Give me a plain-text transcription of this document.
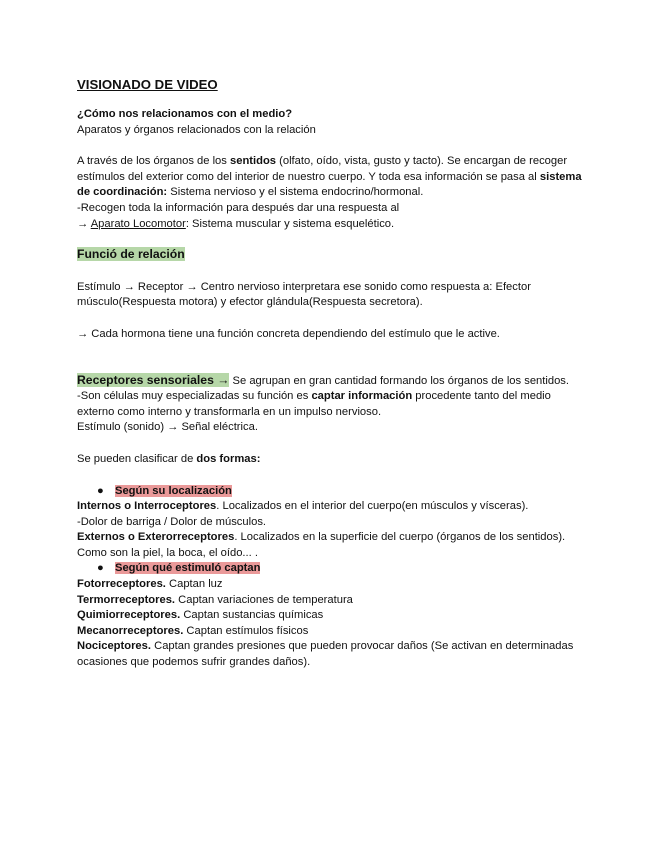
VISIONADO DE VIDEO

¿Cómo nos relacionamos con el medio?

Aparatos y órganos relacionados con la relación

A través de los órganos de los sentidos (olfato, oído, vista, gusto y tacto). Se encargan de recoger estímulos del exterior como del interior de nuestro cuerpo. Y toda esa información se pasa al sistema de coordinación: Sistema nervioso y el sistema endocrino/hormonal.

-Recogen toda la información para después dar una respuesta al

→ Aparato Locomotor: Sistema muscular y sistema esquelético.

Funció de relación

Estímulo → Receptor → Centro nervioso interpretara ese sonido como respuesta a: Efector músculo(Respuesta motora) y efector glándula(Respuesta secretora).

→ Cada hormona tiene una función concreta dependiendo del estímulo que le active.

Receptores sensoriales → Se agrupan en gran cantidad formando los órganos de los sentidos.

-Son células muy especializadas su función es captar información procedente tanto del medio externo como interno y transformarla en un impulso nervioso.

Estímulo (sonido) → Señal eléctrica.

Se pueden clasificar de dos formas:

●	Según su localización

Internos o Interroceptores. Localizados en el interior del cuerpo(en músculos y vísceras).

-Dolor de barriga / Dolor de músculos.

Externos o Exterorreceptores. Localizados en la superficie del cuerpo (órganos de los sentidos). Como son la piel, la boca, el oído... .

●	Según qué estimuló captan

Fotorreceptores. Captan luz

Termorreceptores. Captan variaciones de temperatura

Quimiorreceptores. Captan sustancias químicas

Mecanorreceptores. Captan estímulos físicos

Nociceptores. Captan grandes presiones que pueden provocar daños (Se activan en determinadas ocasiones que podemos sufrir grandes daños).
